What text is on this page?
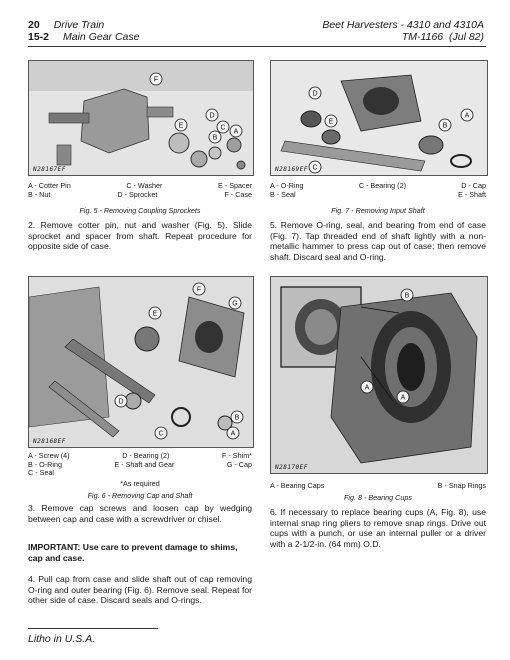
20 Drive Train
15-2 Main Gear Case
Beet Harvesters - 4310 and 4310A
TM-1166 (Jul 82)
F
E
D
A
B
C
N28167EF
A - Cotter Pin	C - Washer	E - Spacer
B - Nut	D - Sprocket	F - Case
Fig. 5 - Removing Coupling Sprockets
2. Remove cotter pin, nut and washer (Fig. 5). Slide sprocket and spacer from shaft. Repeat procedure for opposite side of case.
D
E
A
B
C
N28169EF
A - O-Ring	C - Bearing (2)	D - Cap
B - Seal	E - Shaft
Fig. 7 - Removing Input Shaft
5. Remove O-ring, seal, and bearing from end of case (Fig. 7). Tap threaded end of shaft lightly with a non-metallic hammer to press cap out of case; then remove shaft. Discard seal and O-ring.
F
G
E
D
C
B
A
N28168EF
A - Screw (4)	D - Bearing (2)	F - Shim*
B - O-Ring	E - Shaft and Gear	G - Cap
C - Seal
*As required
Fig. 6 - Removing Cap and Shaft
B
A
A
N28170EF
A - Bearing Caps	B - Snap Rings
Fig. 8 - Bearing Cups
3. Remove cap screws and loosen cap by wedging between cap and case with a screwdriver or chisel.
IMPORTANT: Use care to prevent damage to shims, cap and case.
4. Pull cap from case and slide shaft out of cap removing O-ring and outer bearing (Fig. 6). Remove seal. Repeat for other side of case. Discard seals and O-rings.
6. If necessary to replace bearing cups (A, Fig. 8), use internal snap ring pliers to remove snap rings. Drive out cups with a punch, or use an internal puller or a driver with a 2-1/2-in. (64 mm) O.D.
Litho in U.S.A.
